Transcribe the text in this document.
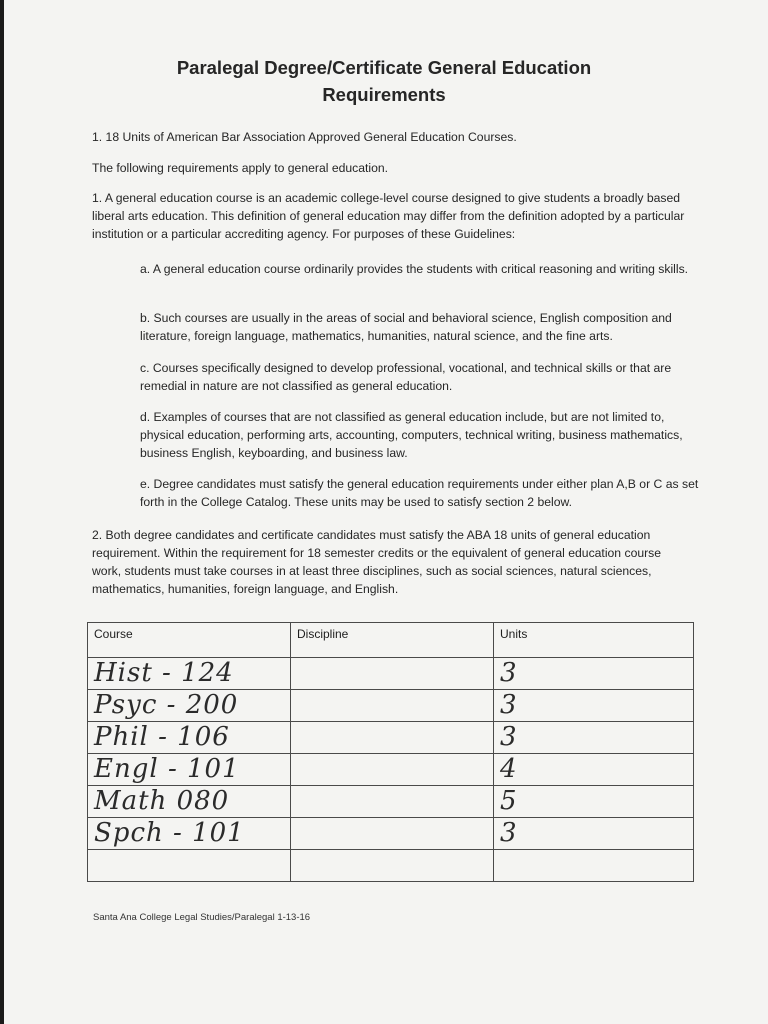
Paralegal Degree/Certificate General Education
Requirements
1. 18 Units of American Bar Association Approved General Education Courses.
The following requirements apply to general education.
1. A general education course is an academic college-level course designed to give students a broadly based liberal arts education. This definition of general education may differ from the definition adopted by a particular institution or a particular accrediting agency. For purposes of these Guidelines:
a. A general education course ordinarily provides the students with critical reasoning and writing skills.
b. Such courses are usually in the areas of social and behavioral science, English composition and literature, foreign language, mathematics, humanities, natural science, and the fine arts.
c. Courses specifically designed to develop professional, vocational, and technical skills or that are remedial in nature are not classified as general education.
d. Examples of courses that are not classified as general education include, but are not limited to, physical education, performing arts, accounting, computers, technical writing, business mathematics, business English, keyboarding, and business law.
e. Degree candidates must satisfy the general education requirements under either plan A,B or C as set forth in the College Catalog. These units may be used to satisfy section 2 below.
2. Both degree candidates and certificate candidates must satisfy the ABA 18 units of general education requirement. Within the requirement for 18 semester credits or the equivalent of general education course work, students must take courses in at least three disciplines, such as social sciences, natural sciences, mathematics, humanities, foreign language, and English.
Course	Discipline	Units
Hist - 124		3
Psyc - 200		3
Phil - 106		3
Engl - 101		4
Math 080		5
Spch - 101		3

Santa Ana College Legal Studies/Paralegal 1-13-16
